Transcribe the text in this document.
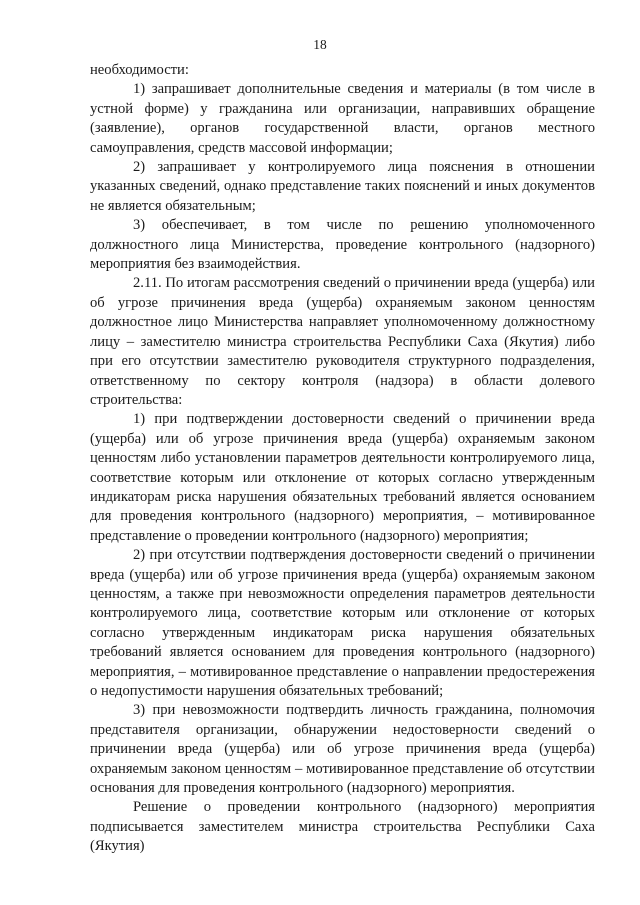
18

необходимости:

1) запрашивает дополнительные сведения и материалы (в том числе в устной форме) у гражданина или организации, направивших обращение (заявление), органов государственной власти, органов местного самоуправления, средств массовой информации;

2) запрашивает у контролируемого лица пояснения в отношении указанных сведений, однако представление таких пояснений и иных документов не является обязательным;

3) обеспечивает, в том числе по решению уполномоченного должностного лица Министерства, проведение контрольного (надзорного) мероприятия без взаимодействия.

2.11. По итогам рассмотрения сведений о причинении вреда (ущерба) или об угрозе причинения вреда (ущерба) охраняемым законом ценностям должностное лицо Министерства направляет уполномоченному должностному лицу – заместителю министра строительства Республики Саха (Якутия) либо при его отсутствии заместителю руководителя структурного подразделения, ответственному по сектору контроля (надзора) в области долевого строительства:

1) при подтверждении достоверности сведений о причинении вреда (ущерба) или об угрозе причинения вреда (ущерба) охраняемым законом ценностям либо установлении параметров деятельности контролируемого лица, соответствие которым или отклонение от которых согласно утвержденным индикаторам риска нарушения обязательных требований является основанием для проведения контрольного (надзорного) мероприятия, – мотивированное представление о проведении контрольного (надзорного) мероприятия;

2) при отсутствии подтверждения достоверности сведений о причинении вреда (ущерба) или об угрозе причинения вреда (ущерба) охраняемым законом ценностям, а также при невозможности определения параметров деятельности контролируемого лица, соответствие которым или отклонение от которых согласно утвержденным индикаторам риска нарушения обязательных требований является основанием для проведения контрольного (надзорного) мероприятия, – мотивированное представление о направлении предостережения о недопустимости нарушения обязательных требований;

3) при невозможности подтвердить личность гражданина, полномочия представителя организации, обнаружении недостоверности сведений о причинении вреда (ущерба) или об угрозе причинения вреда (ущерба) охраняемым законом ценностям – мотивированное представление об отсутствии основания для проведения контрольного (надзорного) мероприятия.

Решение о проведении контрольного (надзорного) мероприятия подписывается заместителем министра строительства Республики Саха (Якутия)
